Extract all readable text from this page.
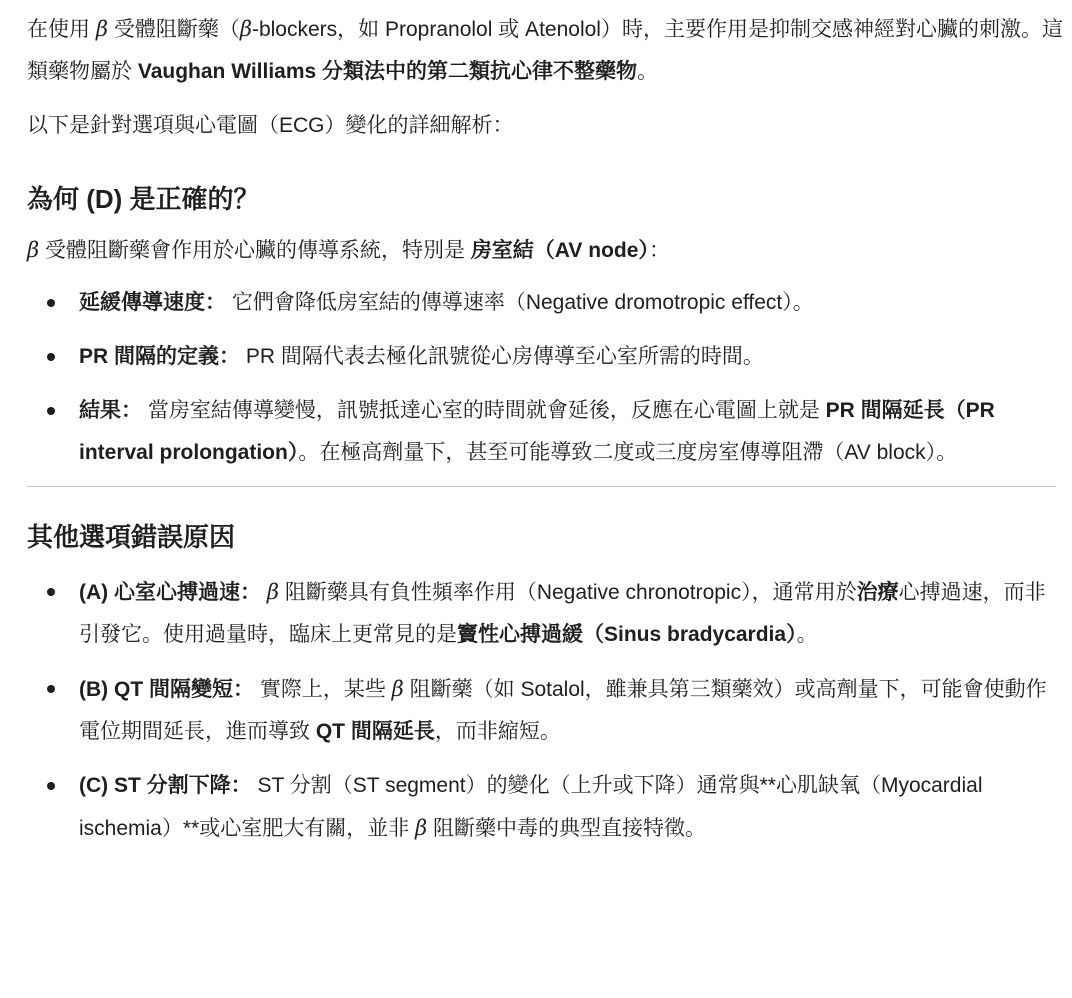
在使用 β 受體阻斷藥（β-blockers，如 Propranolol 或 Atenolol）時，主要作用是抑制交感神經對心臟的刺激。這類藥物屬於 Vaughan Williams 分類法中的第二類抗心律不整藥物。

以下是針對選項與心電圖（ECG）變化的詳細解析：

為何 (D) 是正確的？

β 受體阻斷藥會作用於心臟的傳導系統，特別是 房室結（AV node）：

延緩傳導速度： 它們會降低房室結的傳導速率（Negative dromotropic effect）。
PR 間隔的定義： PR 間隔代表去極化訊號從心房傳導至心室所需的時間。
結果： 當房室結傳導變慢，訊號抵達心室的時間就會延後，反應在心電圖上就是 PR 間隔延長（PR interval prolongation）。在極高劑量下，甚至可能導致二度或三度房室傳導阻滯（AV block）。
其他選項錯誤原因
(A) 心室心搏過速： β 阻斷藥具有負性頻率作用（Negative chronotropic），通常用於治療心搏過速，而非引發它。使用過量時，臨床上更常見的是竇性心搏過緩（Sinus bradycardia）。
(B) QT 間隔變短： 實際上，某些 β 阻斷藥（如 Sotalol，雖兼具第三類藥效）或高劑量下，可能會使動作電位期間延長，進而導致 QT 間隔延長，而非縮短。
(C) ST 分割下降： ST 分割（ST segment）的變化（上升或下降）通常與**心肌缺氧（Myocardial ischemia）**或心室肥大有關，並非 β 阻斷藥中毒的典型直接特徵。
